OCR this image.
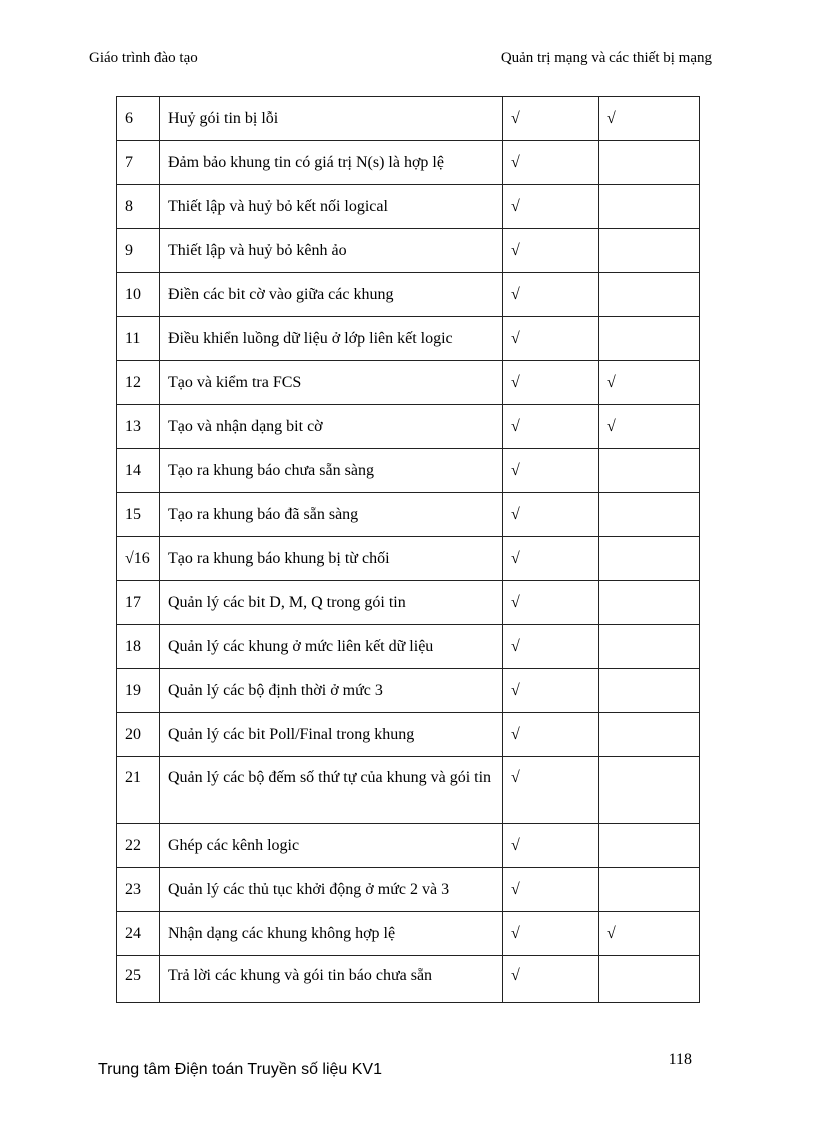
Giáo trình đào tạo	Quản trị mạng và các thiết bị mạng
6	Huỷ gói tin bị lỗi	√	√
7	Đảm bảo khung tin có giá trị N(s) là hợp lệ	√	
8	Thiết lập và huỷ bỏ kết nối logical	√	
9	Thiết lập và huỷ bỏ kênh ảo	√	
10	Điền các bit cờ vào giữa các khung	√	
11	Điều khiển luồng dữ liệu ở lớp liên kết logic	√	
12	Tạo và kiểm tra FCS	√	√
13	Tạo và nhận dạng bit cờ	√	√
14	Tạo ra khung báo chưa sẵn sàng	√	
15	Tạo ra khung báo đã sẵn sàng	√	
√16	Tạo ra khung báo khung bị từ chối	√	
17	Quản lý các bit D, M, Q trong gói tin	√	
18	Quản lý các khung ở mức liên kết dữ liệu	√	
19	Quản lý các bộ định thời ở mức 3	√	
20	Quản lý các bit Poll/Final trong khung	√	
21	Quản lý các bộ đếm số thứ tự của khung và gói tin	√	
22	Ghép các kênh logic	√	
23	Quản lý các thủ tục khởi động ở mức 2 và 3	√	
24	Nhận dạng các khung không hợp lệ	√	√
25	Trả lời các khung và gói tin báo chưa sẵn	√	
118
Trung tâm Điện toán Truyền số liệu KV1
